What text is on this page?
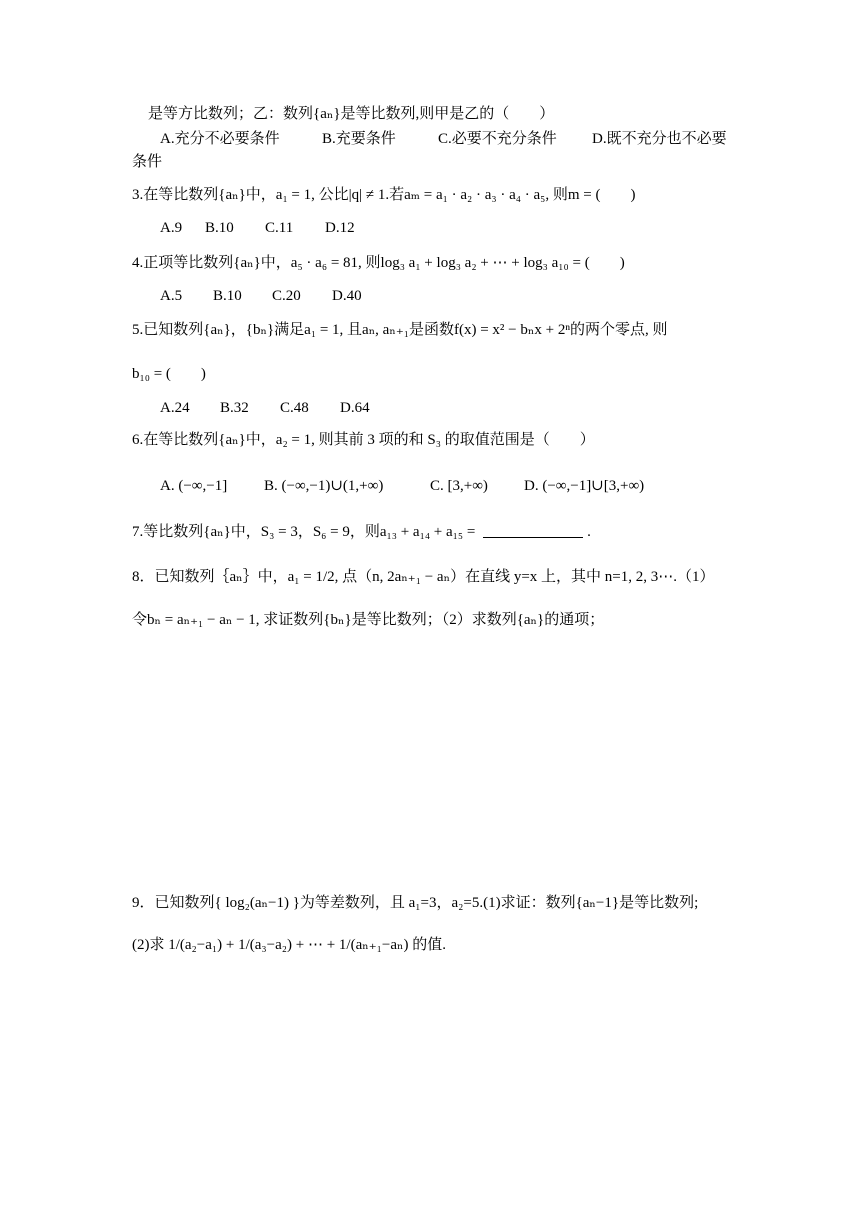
是等方比数列；乙：数列{aₙ}是等比数列,则甲是乙的（　　）
A.充分不必要条件	B.充要条件	C.必要不充分条件 D.既不充分也不必要
条件
3.在等比数列{aₙ}中，a₁ = 1, 公比|q| ≠ 1.若aₘ = a₁ · a₂ · a₃ · a₄ · a₅, 则m = (　　)
A.9 B.10 C.11 D.12
4.正项等比数列{aₙ}中，a₅ · a₆ = 81, 则log₃ a₁ + log₃ a₂ + ⋯ + log₃ a₁₀ = (　　)
A.5 B.10 C.20 D.40
5.已知数列{aₙ}，{bₙ}满足a₁ = 1, 且aₙ, aₙ₊₁是函数f(x) = x² − bₙx + 2ⁿ的两个零点, 则
b₁₀ = (　　)
A.24 B.32 C.48 D.64
6.在等比数列{aₙ}中，a₂ = 1, 则其前 3 项的和 S₃ 的取值范围是（　　）
A. (−∞,−1] B. (−∞,−1)∪(1,+∞)	C. [3,+∞) D. (−∞,−1]∪[3,+∞)
7.等比数列{aₙ}中，S₃ = 3，S₆ = 9，则a₁₃ + a₁₄ + a₁₅ =	.
8．已知数列｛aₙ｝中，a₁ = 1/2, 点（n, 2aₙ₊₁ − aₙ）在直线 y=x 上，其中 n=1, 2, 3⋯.（1）
令bₙ = aₙ₊₁ − aₙ − 1, 求证数列{bₙ}是等比数列；（2）求数列{aₙ}的通项；
9．已知数列{ log₂(aₙ−1) }为等差数列，且 a₁=3，a₂=5.(1)求证：数列{aₙ−1}是等比数列;
(2)求 1/(a₂−a₁) + 1/(a₃−a₂) + ⋯ + 1/(aₙ₊₁−aₙ) 的值.
